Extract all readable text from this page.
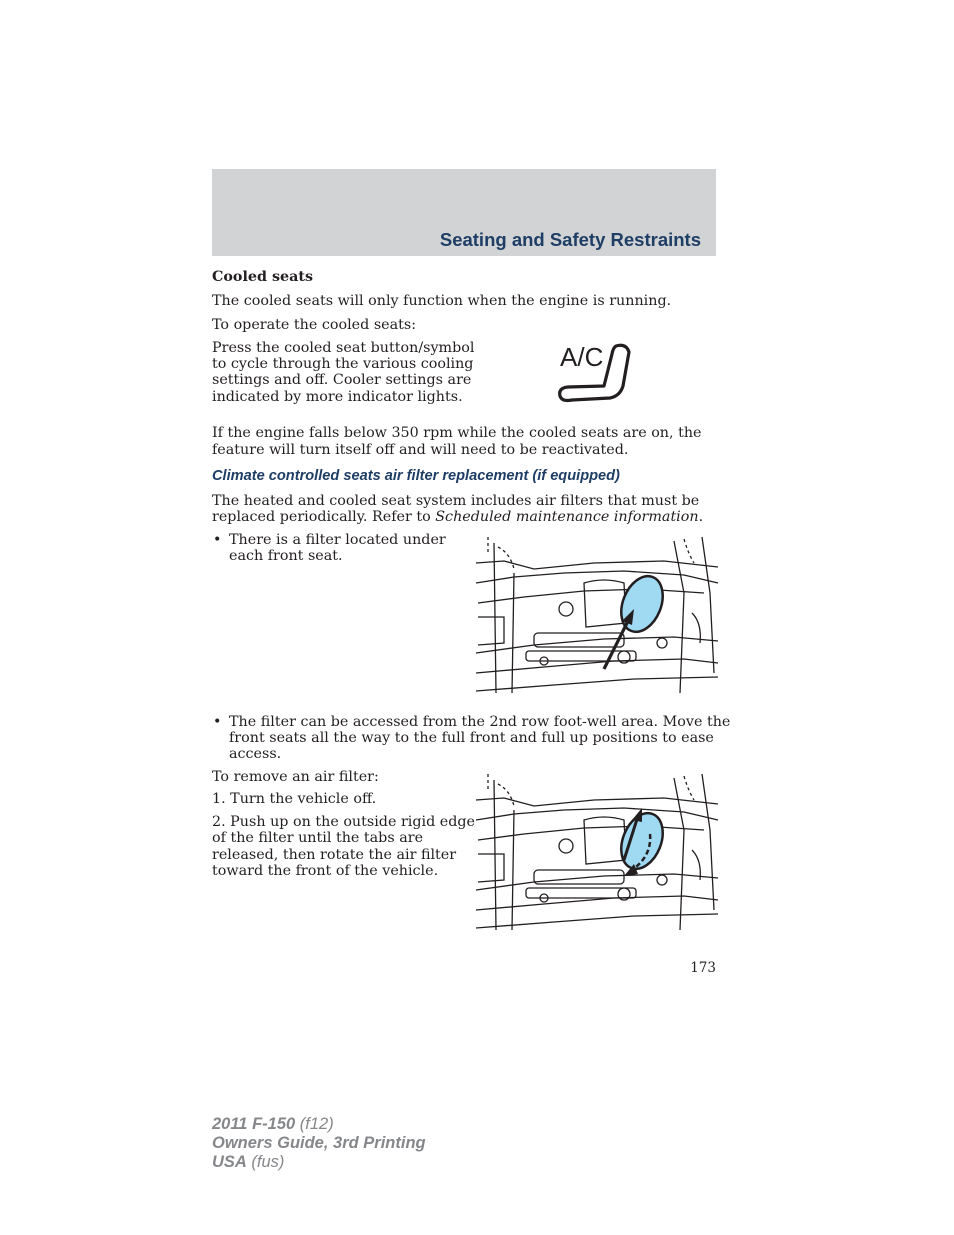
Seating and Safety Restraints
Cooled seats
The cooled seats will only function when the engine is running.
To operate the cooled seats:
Press the cooled seat button/symbol
to cycle through the various cooling
settings and off. Cooler settings are
indicated by more indicator lights.
A/C
If the engine falls below 350 rpm while the cooled seats are on, the
feature will turn itself off and will need to be reactivated.
Climate controlled seats air filter replacement (if equipped)
The heated and cooled seat system includes air filters that must be
replaced periodically. Refer to Scheduled maintenance information.
• There is a filter located under
each front seat.
• The filter can be accessed from the 2nd row foot-well area. Move the
front seats all the way to the full front and full up positions to ease
access.
To remove an air filter:
1. Turn the vehicle off.
2. Push up on the outside rigid edge
of the filter until the tabs are
released, then rotate the air filter
toward the front of the vehicle.
173
2011 F-150 (f12)
Owners Guide, 3rd Printing
USA (fus)
